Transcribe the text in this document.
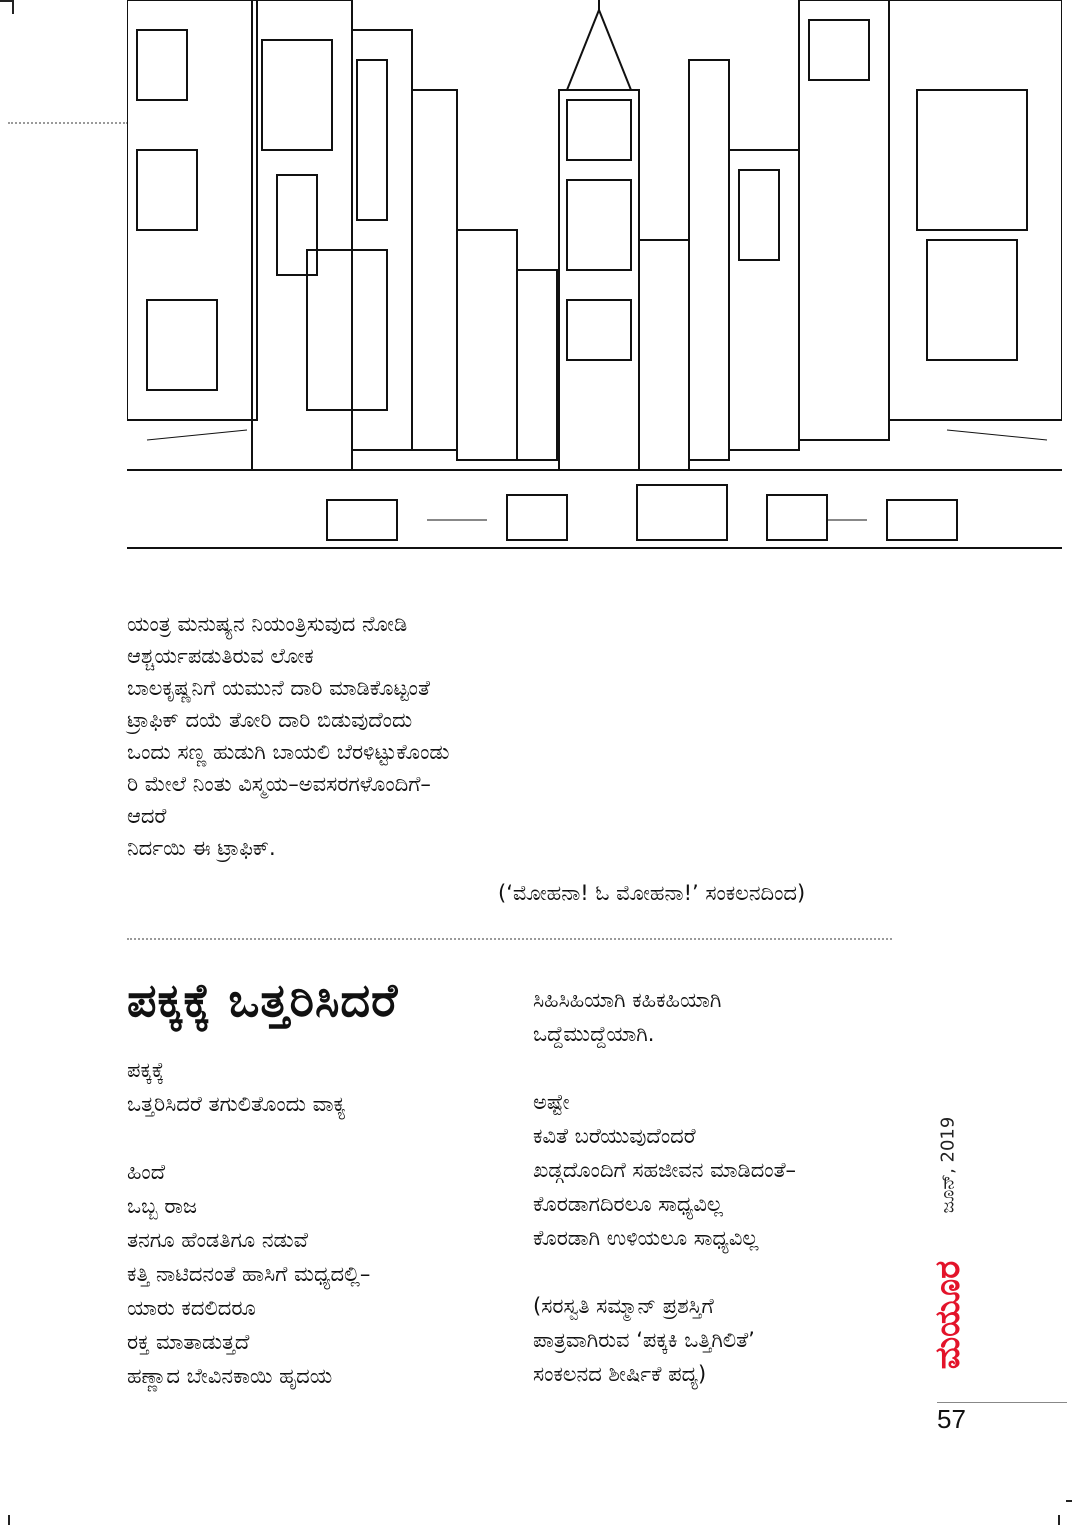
ಯಂತ್ರ ಮನುಷ್ಯನ ನಿಯಂತ್ರಿಸುವುದ ನೋಡಿ
ಆಶ್ಚರ್ಯಪಡುತಿರುವ ಲೋಕ
ಬಾಲಕೃಷ್ಣನಿಗೆ ಯಮುನೆ ದಾರಿ ಮಾಡಿಕೊಟ್ಟಂತೆ
ಟ್ರಾಫಿಕ್ ದಯೆ ತೋರಿ ದಾರಿ ಬಿಡುವುದೆಂದು
ಒಂದು ಸಣ್ಣ ಹುಡುಗಿ ಬಾಯಲಿ ಬೆರಳಿಟ್ಟುಕೊಂಡು
ರಿ ಮೇಲೆ ನಿಂತು ವಿಸ್ಮಯ–ಅವಸರಗಳೊಂದಿಗೆ–
ಆದರೆ
ನಿರ್ದಯಿ ಈ ಟ್ರಾಫಿಕ್.
(‘ಮೋಹನಾ! ಓ ಮೋಹನಾ!’ ಸಂಕಲನದಿಂದ)
ಪಕ್ಕಕ್ಕೆ ಒತ್ತರಿಸಿದರೆ
ಪಕ್ಕಕ್ಕೆ
ಒತ್ತರಿಸಿದರೆ ತಗುಲಿತೊಂದು ವಾಕ್ಯ
ಹಿಂದೆ
ಒಬ್ಬ ರಾಜ
ತನಗೂ ಹೆಂಡತಿಗೂ ನಡುವೆ
ಕತ್ತಿ ನಾಟಿದನಂತೆ ಹಾಸಿಗೆ ಮಧ್ಯದಲ್ಲಿ–
ಯಾರು ಕದಲಿದರೂ
ರಕ್ತ ಮಾತಾಡುತ್ತದೆ
ಹಣ್ಣಾದ ಬೇವಿನಕಾಯಿ ಹೃದಯ
ಸಿಹಿಸಿಹಿಯಾಗಿ ಕಹಿಕಹಿಯಾಗಿ
ಒದ್ದೆಮುದ್ದೆಯಾಗಿ.
ಅಷ್ಟೇ
ಕವಿತೆ ಬರೆಯುವುದೆಂದರೆ
ಖಡ್ಗದೊಂದಿಗೆ ಸಹಜೀವನ ಮಾಡಿದಂತೆ–
ಕೊರಡಾಗದಿರಲೂ ಸಾಧ್ಯವಿಲ್ಲ
ಕೊರಡಾಗಿ ಉಳಿಯಲೂ ಸಾಧ್ಯವಿಲ್ಲ
(ಸರಸ್ವತಿ ಸಮ್ಮಾನ್ ಪ್ರಶಸ್ತಿಗೆ
ಪಾತ್ರವಾಗಿರುವ ‘ಪಕ್ಕಕಿ ಒತ್ತಿಗಿಲಿತೆ’
ಸಂಕಲನದ ಶೀರ್ಷಿಕೆ ಪದ್ಯ)
ಜೂನ್, 2019
ಮಯೂರ
57
